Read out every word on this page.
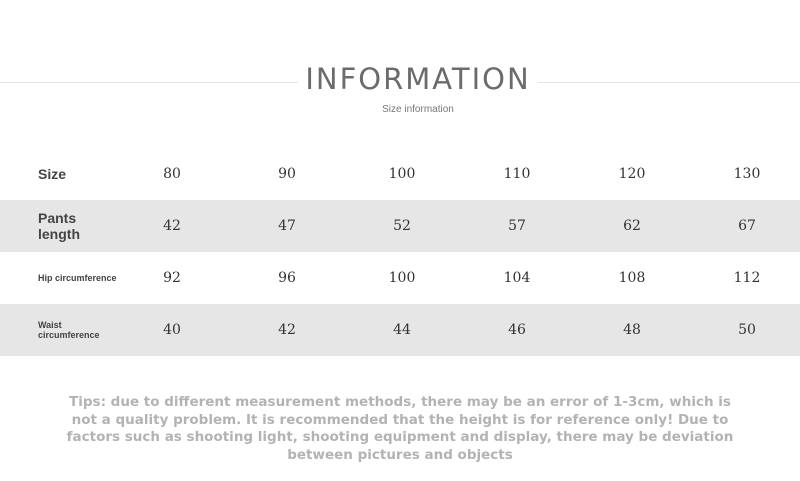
INFORMATION
Size information
Size	80	90	100	110	120	130
Pants length	42	47	52	57	62	67
Hip circumference	92	96	100	104	108	112
Waist circumference	40	42	44	46	48	50
Tips: due to different measurement methods, there may be an error of 1-3cm, which is not a quality problem. It is recommended that the height is for reference only! Due to factors such as shooting light, shooting equipment and display, there may be deviation between pictures and objects
